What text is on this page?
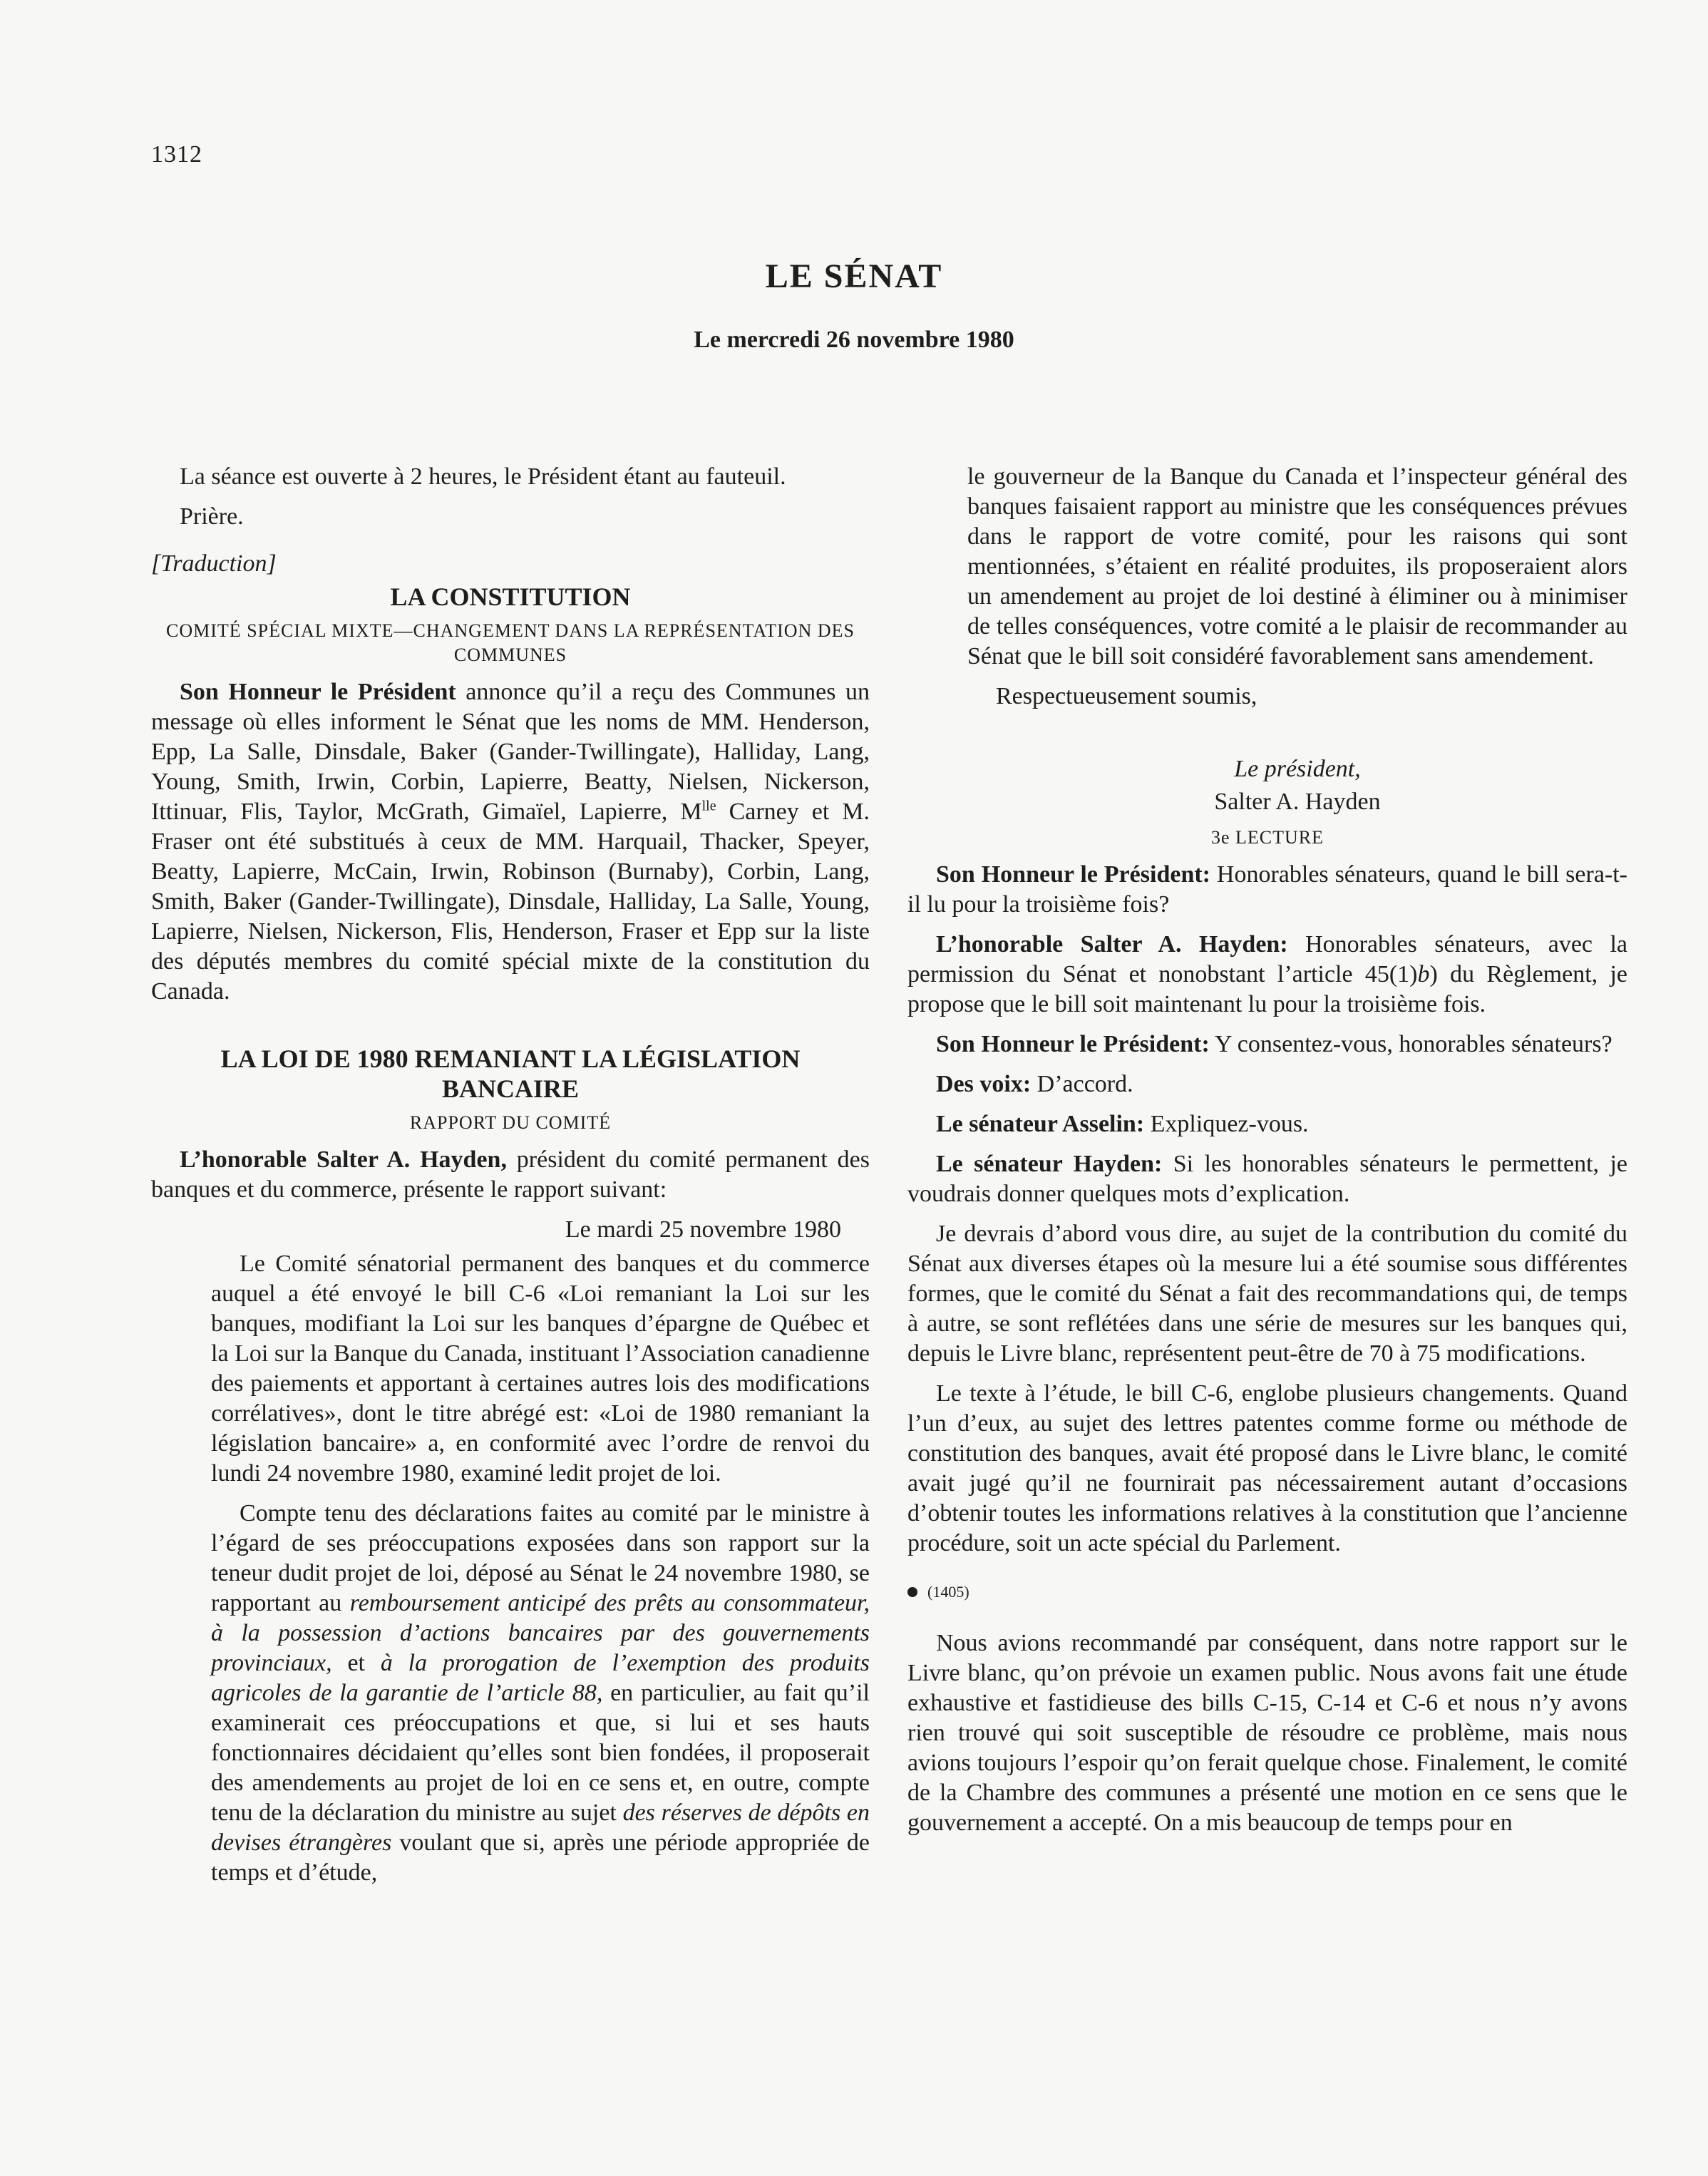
1312
LE SÉNAT
Le mercredi 26 novembre 1980

La séance est ouverte à 2 heures, le Président étant au fauteuil.

Prière.

[Traduction]

LA CONSTITUTION
COMITÉ SPÉCIAL MIXTE—CHANGEMENT DANS LA REPRÉSENTATION DES COMMUNES

Son Honneur le Président annonce qu’il a reçu des Communes un message où elles informent le Sénat que les noms de MM. Henderson, Epp, La Salle, Dinsdale, Baker (Gander-Twillingate), Halliday, Lang, Young, Smith, Irwin, Corbin, Lapierre, Beatty, Nielsen, Nickerson, Ittinuar, Flis, Taylor, McGrath, Gimaïel, Lapierre, $M^{lle}$ Carney et M. Fraser ont été substitués à ceux de MM. Harquail, Thacker, Speyer, Beatty, Lapierre, McCain, Irwin, Robinson (Burnaby), Corbin, Lang, Smith, Baker (Gander-Twillingate), Dinsdale, Halliday, La Salle, Young, Lapierre, Nielsen, Nickerson, Flis, Henderson, Fraser et Epp sur la liste des députés membres du comité spécial mixte de la constitution du Canada.

LA LOI DE 1980 REMANIANT LA LÉGISLATION BANCAIRE
RAPPORT DU COMITÉ

L’honorable Salter A. Hayden, président du comité permanent des banques et du commerce, présente le rapport suivant:

Le mardi 25 novembre 1980

Le Comité sénatorial permanent des banques et du commerce auquel a été envoyé le bill C-6 «Loi remaniant la Loi sur les banques, modifiant la Loi sur les banques d’épargne de Québec et la Loi sur la Banque du Canada, instituant l’Association canadienne des paiements et apportant à certaines autres lois des modifications corrélatives», dont le titre abrégé est: «Loi de 1980 remaniant la législation bancaire» a, en conformité avec l’ordre de renvoi du lundi 24 novembre 1980, examiné ledit projet de loi.

Compte tenu des déclarations faites au comité par le ministre à l’égard de ses préoccupations exposées dans son rapport sur la teneur dudit projet de loi, déposé au Sénat le 24 novembre 1980, se rapportant au remboursement anticipé des prêts au consommateur, à la possession d’actions bancaires par des gouvernements provinciaux, et à la prorogation de l’exemption des produits agricoles de la garantie de l’article 88, en particulier, au fait qu’il examinerait ces préoccupations et que, si lui et ses hauts fonctionnaires décidaient qu’elles sont bien fondées, il proposerait des amendements au projet de loi en ce sens et, en outre, compte tenu de la déclaration du ministre au sujet des réserves de dépôts en devises étrangères voulant que si, après une période appropriée de temps et d’étude,

le gouverneur de la Banque du Canada et l’inspecteur général des banques faisaient rapport au ministre que les conséquences prévues dans le rapport de votre comité, pour les raisons qui sont mentionnées, s’étaient en réalité produites, ils proposeraient alors un amendement au projet de loi destiné à éliminer ou à minimiser de telles conséquences, votre comité a le plaisir de recommander au Sénat que le bill soit considéré favorablement sans amendement.

Respectueusement soumis,

Le président,
Salter A. Hayden
3e LECTURE

Son Honneur le Président: Honorables sénateurs, quand le bill sera-t-il lu pour la troisième fois?

L’honorable Salter A. Hayden: Honorables sénateurs, avec la permission du Sénat et nonobstant l’article 45(1)b) du Règlement, je propose que le bill soit maintenant lu pour la troisième fois.

Son Honneur le Président: Y consentez-vous, honorables sénateurs?

Des voix: D’accord.

Le sénateur Asselin: Expliquez-vous.

Le sénateur Hayden: Si les honorables sénateurs le permettent, je voudrais donner quelques mots d’explication.

Je devrais d’abord vous dire, au sujet de la contribution du comité du Sénat aux diverses étapes où la mesure lui a été soumise sous différentes formes, que le comité du Sénat a fait des recommandations qui, de temps à autre, se sont reflétées dans une série de mesures sur les banques qui, depuis le Livre blanc, représentent peut-être de 70 à 75 modifications.

Le texte à l’étude, le bill C-6, englobe plusieurs changements. Quand l’un d’eux, au sujet des lettres patentes comme forme ou méthode de constitution des banques, avait été proposé dans le Livre blanc, le comité avait jugé qu’il ne fournirait pas nécessairement autant d’occasions d’obtenir toutes les informations relatives à la constitution que l’ancienne procédure, soit un acte spécial du Parlement.

(1405)

Nous avions recommandé par conséquent, dans notre rapport sur le Livre blanc, qu’on prévoie un examen public. Nous avons fait une étude exhaustive et fastidieuse des bills C-15, C-14 et C-6 et nous n’y avons rien trouvé qui soit susceptible de résoudre ce problème, mais nous avions toujours l’espoir qu’on ferait quelque chose. Finalement, le comité de la Chambre des communes a présenté une motion en ce sens que le gouvernement a accepté. On a mis beaucoup de temps pour en
